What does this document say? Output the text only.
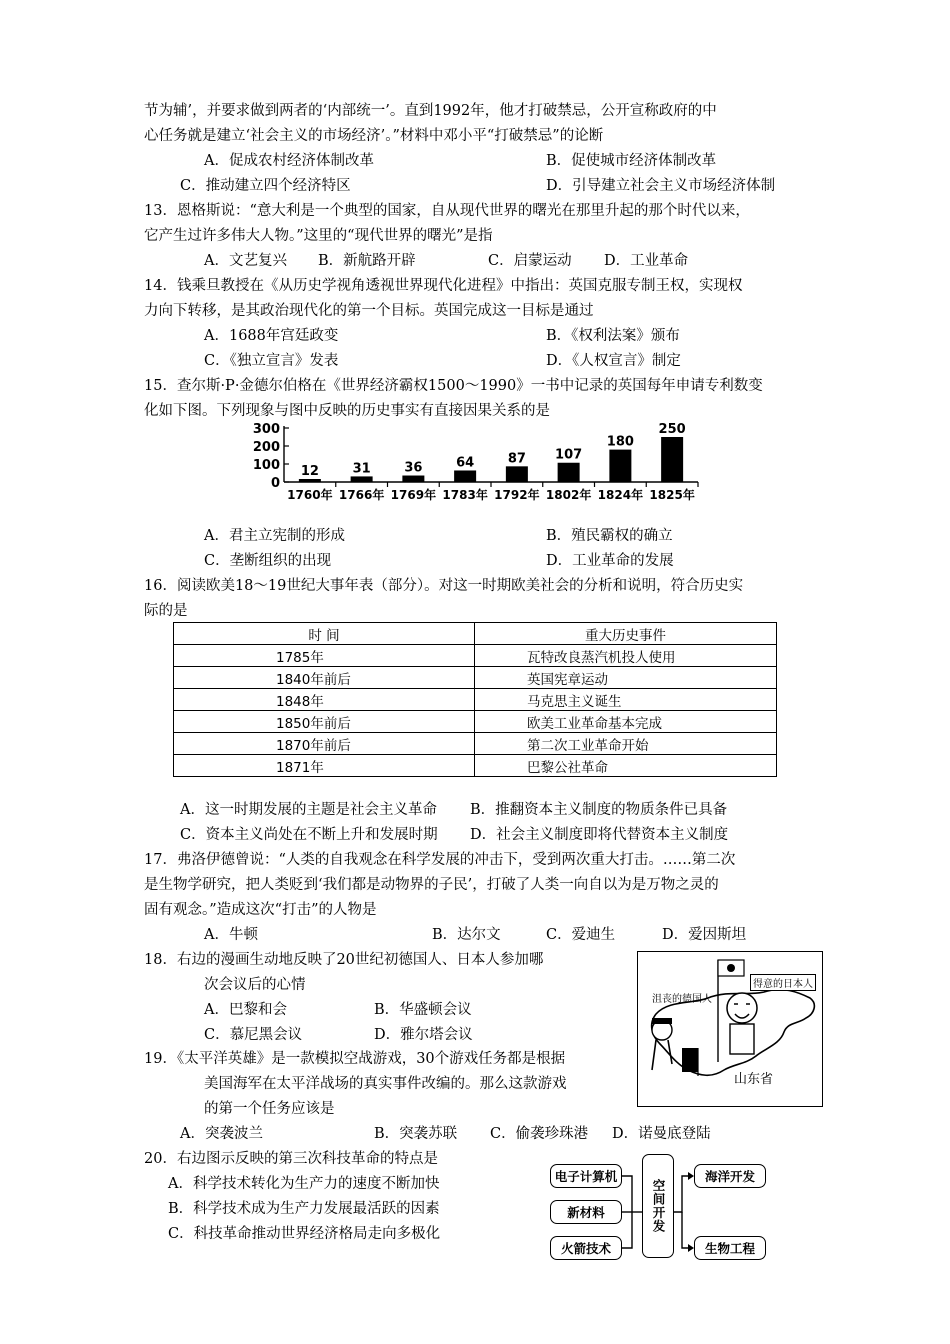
节为辅’，并要求做到两者的‘内部统一’。直到1992年，他才打破禁忌，公开宣称政府的中
心任务就是建立‘社会主义的市场经济’。”材料中邓小平“打破禁忌”的论断
A．促成农村经济体制改革	B．促使城市经济体制改革
C．推动建立四个经济特区	D．引导建立社会主义市场经济体制
13．恩格斯说：“意大利是一个典型的国家，自从现代世界的曙光在那里升起的那个时代以来，
它产生过许多伟大人物。”这里的“现代世界的曙光”是指
A．文艺复兴 B．新航路开辟	C．启蒙运动 D．工业革命
14．钱乘旦教授在《从历史学视角透视世界现代化进程》中指出：英国克服专制王权，实现权
力向下转移，是其政治现代化的第一个目标。英国完成这一目标是通过
A．1688年宫廷政变	B．《权利法案》颁布
C．《独立宣言》发表	D．《人权宣言》制定
15．查尔斯·P·金德尔伯格在《世界经济霸权1500～1990》一书中记录的英国每年申请专利数变
化如下图。下列现象与图中反映的历史事实有直接因果关系的是
300
200
100
0
12	31	36	64	87 107
180
250
1760年 1766年 1769年 1783年 1792年 1802年 1824年 1825年
A．君主立宪制的形成	B．殖民霸权的确立
C．垄断组织的出现	D．工业革命的发展
16．阅读欧美18～19世纪大事年表（部分）。对这一时期欧美社会的分析和说明，符合历史实
际的是
时 间	重大历史事件
1785年	瓦特改良蒸汽机投人使用
1840年前后	英国宪章运动
1848年	马克思主义诞生
1850年前后	欧美工业革命基本完成
1870年前后	第二次工业革命开始
1871年	巴黎公社革命
A．这一时期发展的主题是社会主义革命 B．推翻资本主义制度的物质条件已具备
C．资本主义尚处在不断上升和发展时期 D．社会主义制度即将代替资本主义制度
17．弗洛伊德曾说：“人类的自我观念在科学发展的冲击下，受到两次重大打击。……第二次
是生物学研究，把人类贬到‘我们都是动物界的子民’，打破了人类一向自以为是万物之灵的
固有观念。”造成这次“打击”的人物是
A．牛顿	B．达尔文	C．爱迪生	D．爱因斯坦
18．右边的漫画生动地反映了20世纪初德国人、日本人参加哪
次会议后的心情
A．巴黎和会	B．华盛顿会议
C．慕尼黑会议	D．雅尔塔会议
沮丧的德国人
得意的日本人
山东省
19．《太平洋英雄》是一款模拟空战游戏，30个游戏任务都是根据
美国海军在太平洋战场的真实事件改编的。那么这款游戏
的第一个任务应该是
A．突袭波兰	B．突袭苏联 C．偷袭珍珠港 D．诺曼底登陆
20．右边图示反映的第三次科技革命的特点是
A．科学技术转化为生产力的速度不断加快
B．科学技术成为生产力发展最活跃的因素
C．科技革命推动世界经济格局走向多极化
电子计算机
新材料
火箭技术
空间开发
海洋开发
生物工程
